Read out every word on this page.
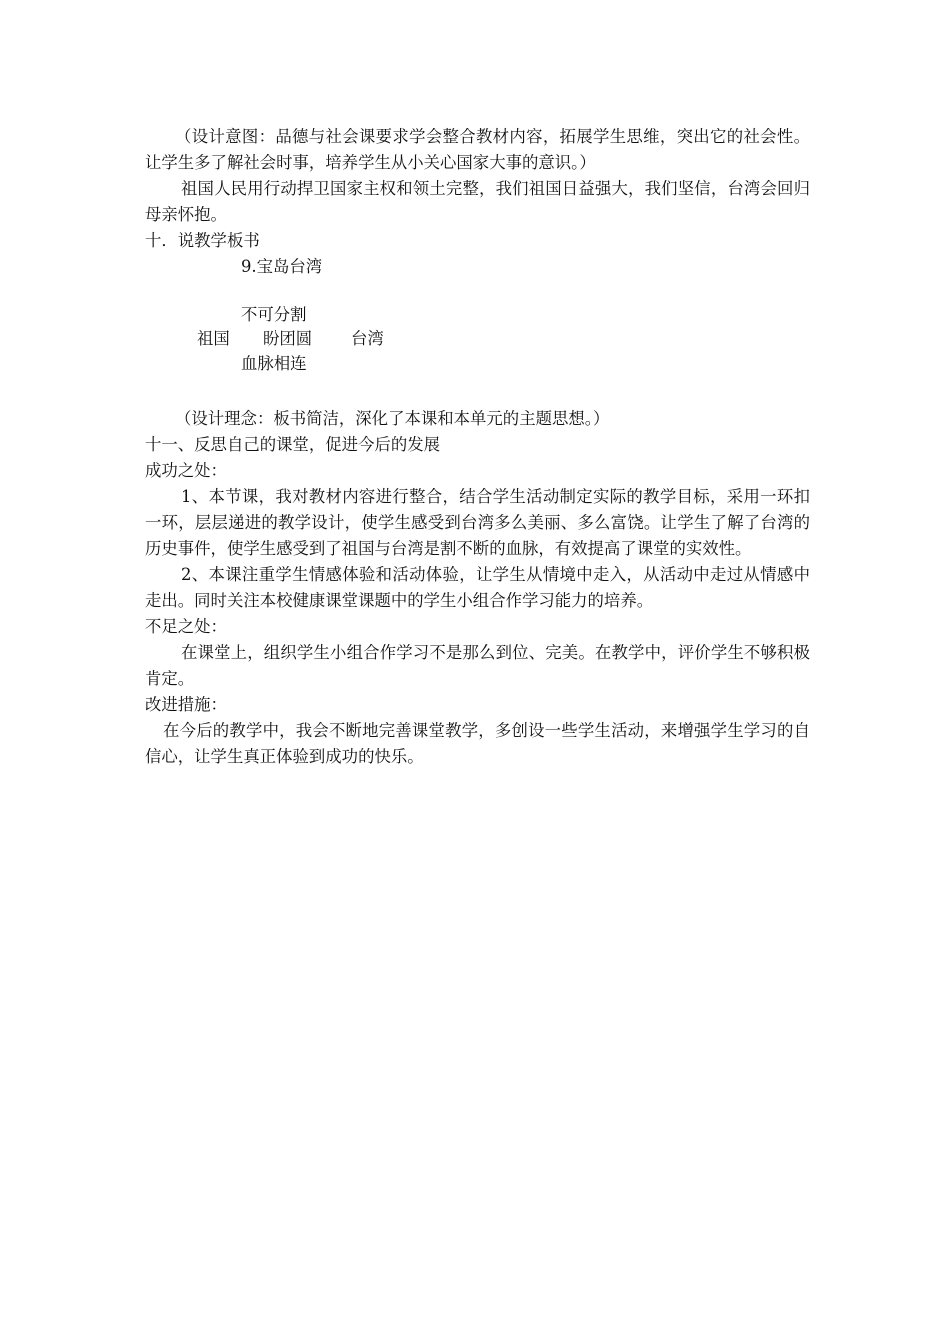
（设计意图：品德与社会课要求学会整合教材内容，拓展学生思维，突出它的社会性。让学生多了解社会时事，培养学生从小关心国家大事的意识。）

祖国人民用行动捍卫国家主权和领土完整，我们祖国日益强大，我们坚信，台湾会回归母亲怀抱。

十．说教学板书

9.宝岛台湾
不可分割
祖国 盼团圆 台湾
血脉相连

（设计理念：板书简洁，深化了本课和本单元的主题思想。）

十一、反思自己的课堂，促进今后的发展

成功之处：

1、本节课，我对教材内容进行整合，结合学生活动制定实际的教学目标，采用一环扣一环，层层递进的教学设计，使学生感受到台湾多么美丽、多么富饶。让学生了解了台湾的历史事件，使学生感受到了祖国与台湾是割不断的血脉，有效提高了课堂的实效性。

2、本课注重学生情感体验和活动体验，让学生从情境中走入，从活动中走过从情感中走出。同时关注本校健康课堂课题中的学生小组合作学习能力的培养。

不足之处：

在课堂上，组织学生小组合作学习不是那么到位、完美。在教学中，评价学生不够积极肯定。

改进措施：

在今后的教学中，我会不断地完善课堂教学，多创设一些学生活动，来增强学生学习的自信心，让学生真正体验到成功的快乐。
